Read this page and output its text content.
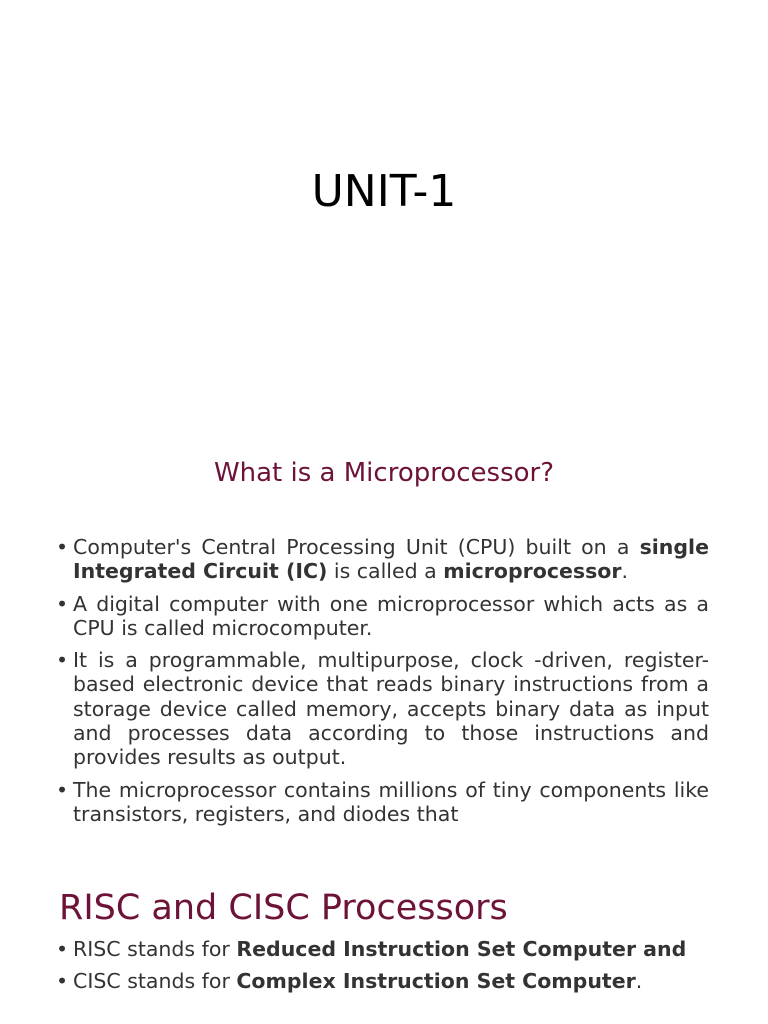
UNIT-1
What is a Microprocessor?
• Computer's Central Processing Unit (CPU) built on a single Integrated Circuit (IC) is called a microprocessor.
• A digital computer with one microprocessor which acts as a CPU is called microcomputer.
• It is a programmable, multipurpose, clock -driven, register-based electronic device that reads binary instructions from a storage device called memory, accepts binary data as input and processes data according to those instructions and provides results as output.
• The microprocessor contains millions of tiny components like transistors, registers, and diodes that
RISC and CISC Processors
• RISC stands for Reduced Instruction Set Computer and
• CISC stands for Complex Instruction Set Computer.
